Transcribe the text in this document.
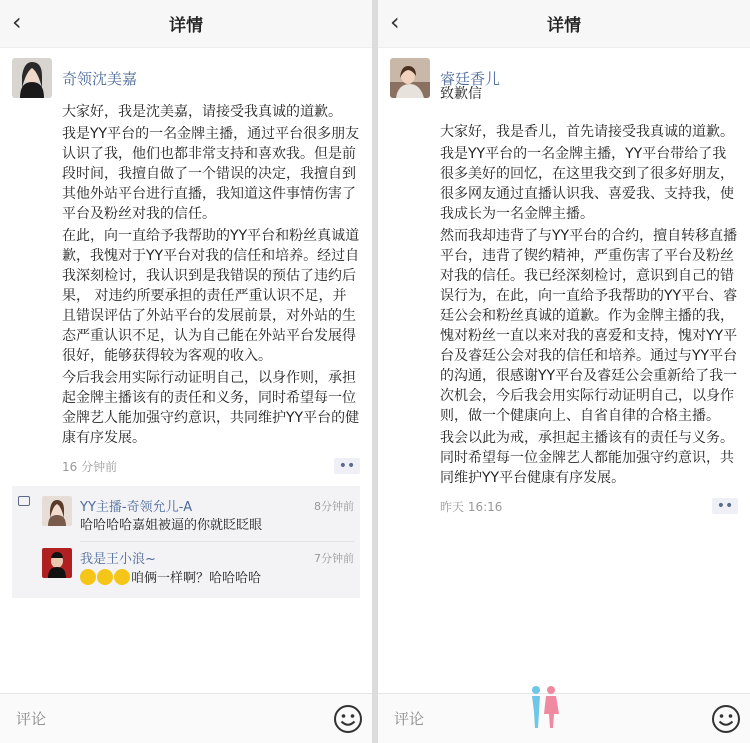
‹	详情
奇领沈美嘉

大家好，我是沈美嘉，请接受我真诚的道歉。

我是YY平台的一名金牌主播，通过平台很多朋友认识了我，他们也都非常支持和喜欢我。但是前段时间，我擅自做了一个错误的决定，我擅自到其他外站平台进行直播，我知道这件事情伤害了平台及粉丝对我的信任。

在此，向一直给予我帮助的YY平台和粉丝真诚道歉，我愧对于YY平台对我的信任和培养。经过自我深刻检讨，我认识到是我错误的预估了违约后果， 对违约所要承担的责任严重认识不足，并且错误评估了外站平台的发展前景，对外站的生态严重认识不足，认为自己能在外站平台发展得很好，能够获得较为客观的收入。

今后我会用实际行动证明自己，以身作则，承担起金牌主播该有的责任和义务，同时希望每一位金牌艺人能加强守约意识，共同维护YY平台的健康有序发展。

16 分钟前	••
YY主播-奇领允儿-A	8分钟前
哈哈哈哈嘉姐被逼的你就眨眨眼
我是王小浪~	7分钟前
咱俩一样啊？哈哈哈哈
评论
‹	详情
睿廷香儿

致歉信

大家好，我是香儿，首先请接受我真诚的道歉。

我是YY平台的一名金牌主播，YY平台带给了我很多美好的回忆，在这里我交到了很多好朋友，很多网友通过直播认识我、喜爱我、支持我，使我成长为一名金牌主播。

然而我却违背了与YY平台的合约，擅自转移直播平台，违背了锲约精神，严重伤害了平台及粉丝对我的信任。我已经深刻检讨，意识到自己的错误行为，在此，向一直给予我帮助的YY平台、睿廷公会和粉丝真诚的道歉。作为金牌主播的我，愧对粉丝一直以来对我的喜爱和支持，愧对YY平台及睿廷公会对我的信任和培养。通过与YY平台的沟通，很感谢YY平台及睿廷公会重新给了我一次机会，今后我会用实际行动证明自己，以身作则，做一个健康向上、自省自律的合格主播。

我会以此为戒，承担起主播该有的责任与义务。同时希望每一位金牌艺人都能加强守约意识，共同维护YY平台健康有序发展。

昨天 16:16	••
评论
